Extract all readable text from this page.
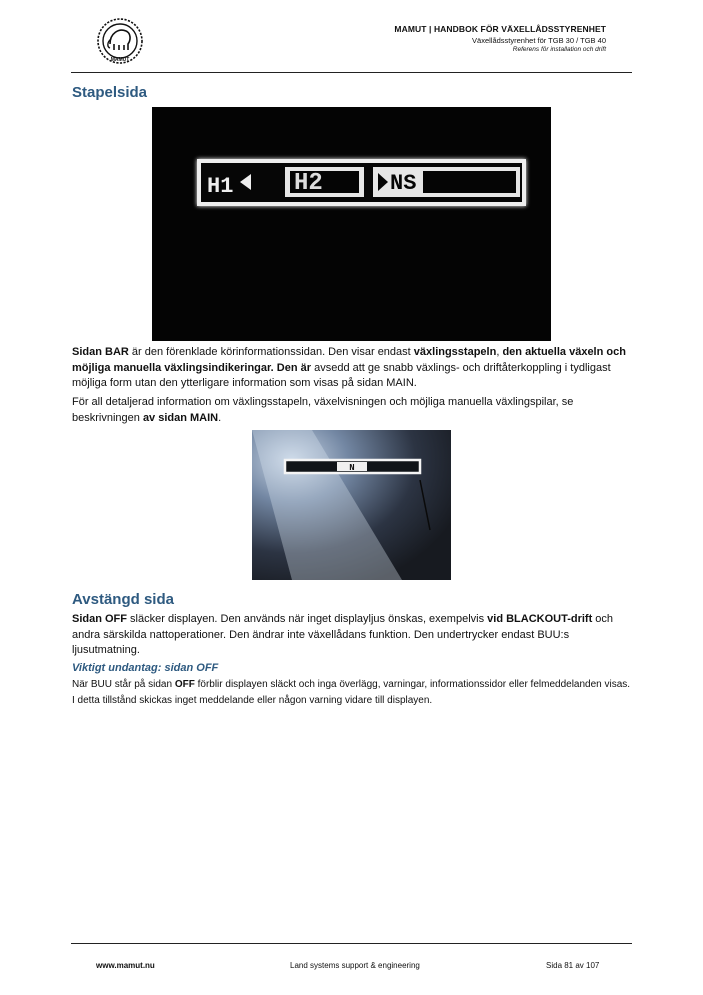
MAMUT
MAMUT | HANDBOK FÖR VÄXELLÅDSSTYRENHET
Växellådsstyrenhet för TGB 30 / TGB 40
Referens för installation och drift
Stapelsida
H1	H2	NS

Sidan BAR är den förenklade körinformationssidan. Den visar endast växlingsstapeln, den aktuella växeln och möjliga manuella växlingsindikeringar. Den är avsedd att ge snabb växlings- och driftåterkoppling i tydligast möjliga form utan den ytterligare information som visas på sidan MAIN.

För all detaljerad information om växlingsstapeln, växelvisningen och möjliga manuella växlingspilar, se beskrivningen av sidan MAIN.

N
Avstängd sida

Sidan OFF släcker displayen. Den används när inget displayljus önskas, exempelvis vid BLACKOUT-drift och andra särskilda nattoperationer. Den ändrar inte växellådans funktion. Den undertrycker endast BUU:s ljusutmatning.

Viktigt undantag: sidan OFF

När BUU står på sidan OFF förblir displayen släckt och inga överlägg, varningar, informationssidor eller felmeddelanden visas. I detta tillstånd skickas inget meddelande eller någon varning vidare till displayen.

www.mamut.nu	Land systems support & engineering	Sida 81 av 107
